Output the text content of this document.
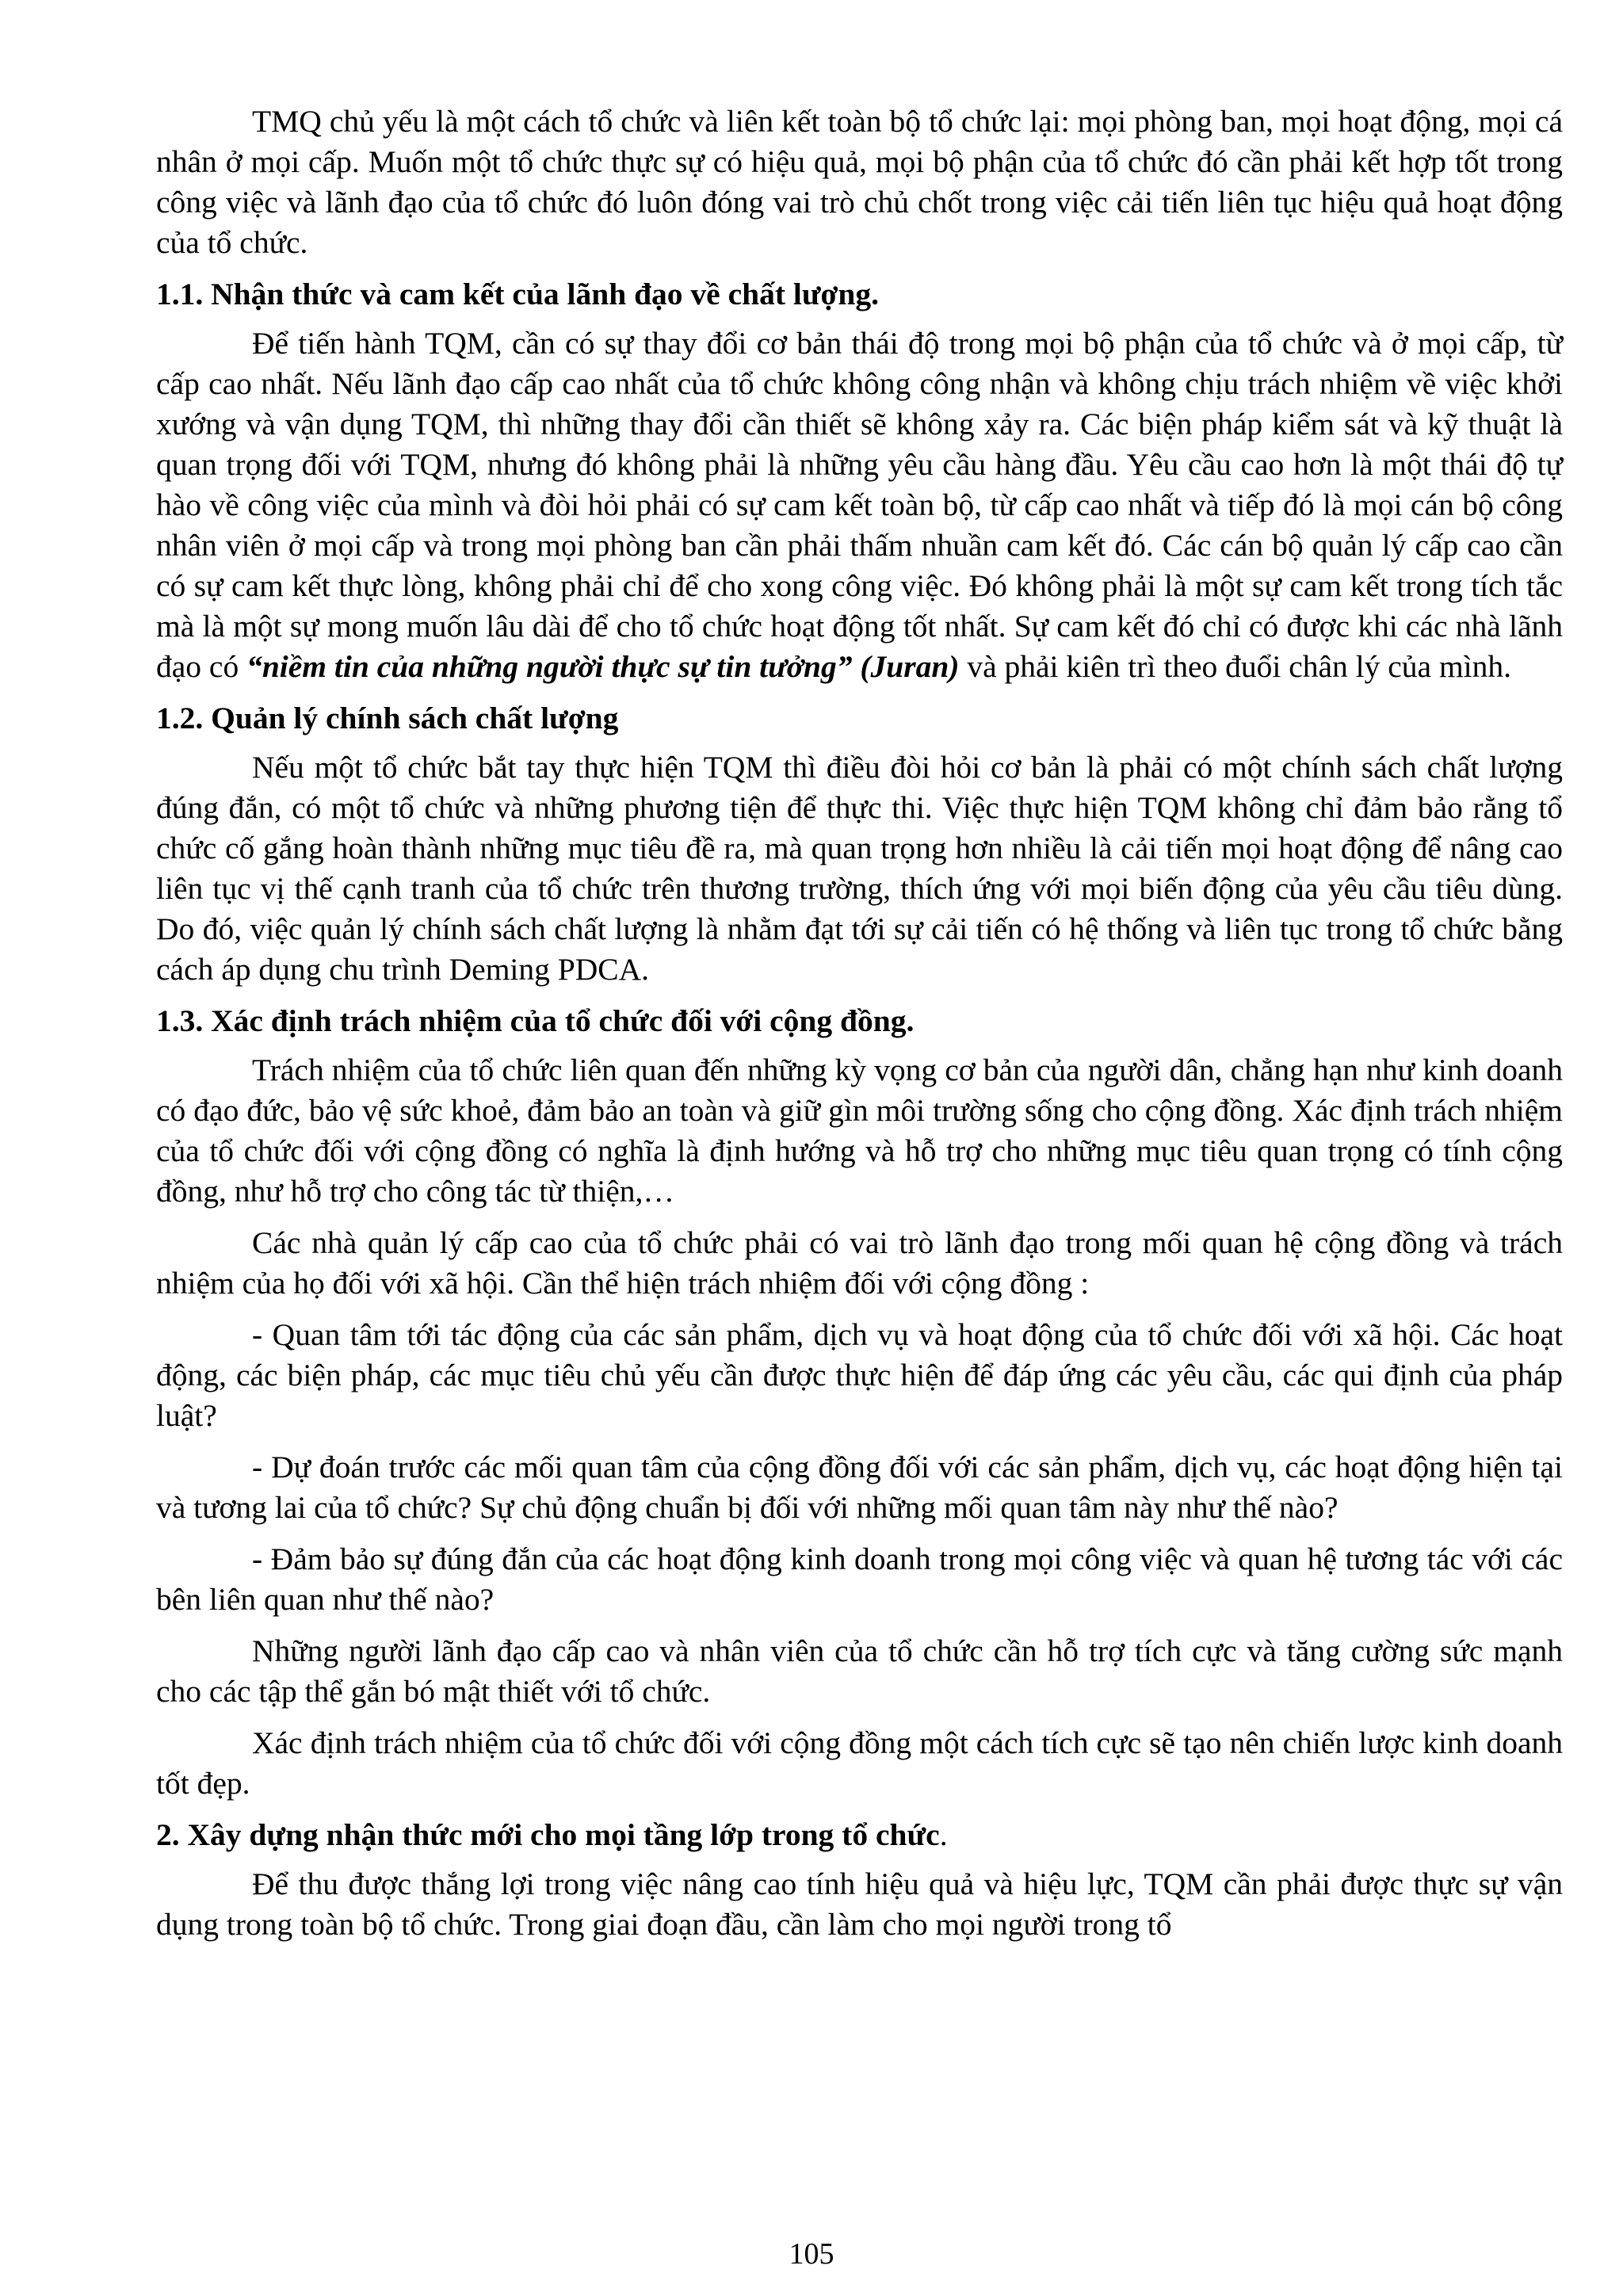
TMQ chủ yếu là một cách tổ chức và liên kết toàn bộ tổ chức lại: mọi phòng ban, mọi hoạt động, mọi cá nhân ở mọi cấp. Muốn một tổ chức thực sự có hiệu quả, mọi bộ phận của tổ chức đó cần phải kết hợp tốt trong công việc và lãnh đạo của tổ chức đó luôn đóng vai trò chủ chốt trong việc cải tiến liên tục hiệu quả hoạt động của tổ chức.

1.1. Nhận thức và cam kết của lãnh đạo về chất lượng.

Để tiến hành TQM, cần có sự thay đổi cơ bản thái độ trong mọi bộ phận của tổ chức và ở mọi cấp, từ cấp cao nhất. Nếu lãnh đạo cấp cao nhất của tổ chức không công nhận và không chịu trách nhiệm về việc khởi xướng và vận dụng TQM, thì những thay đổi cần thiết sẽ không xảy ra. Các biện pháp kiểm sát và kỹ thuật là quan trọng đối với TQM, nhưng đó không phải là những yêu cầu hàng đầu. Yêu cầu cao hơn là một thái độ tự hào về công việc của mình và đòi hỏi phải có sự cam kết toàn bộ, từ cấp cao nhất và tiếp đó là mọi cán bộ công nhân viên ở mọi cấp và trong mọi phòng ban cần phải thấm nhuần cam kết đó. Các cán bộ quản lý cấp cao cần có sự cam kết thực lòng, không phải chỉ để cho xong công việc. Đó không phải là một sự cam kết trong tích tắc mà là một sự mong muốn lâu dài để cho tổ chức hoạt động tốt nhất. Sự cam kết đó chỉ có được khi các nhà lãnh đạo có “niềm tin của những người thực sự tin tưởng” (Juran) và phải kiên trì theo đuổi chân lý của mình.

1.2. Quản lý chính sách chất lượng

Nếu một tổ chức bắt tay thực hiện TQM thì điều đòi hỏi cơ bản là phải có một chính sách chất lượng đúng đắn, có một tổ chức và những phương tiện để thực thi. Việc thực hiện TQM không chỉ đảm bảo rằng tổ chức cố gắng hoàn thành những mục tiêu đề ra, mà quan trọng hơn nhiều là cải tiến mọi hoạt động để nâng cao liên tục vị thế cạnh tranh của tổ chức trên thương trường, thích ứng với mọi biến động của yêu cầu tiêu dùng. Do đó, việc quản lý chính sách chất lượng là nhằm đạt tới sự cải tiến có hệ thống và liên tục trong tổ chức bằng cách áp dụng chu trình Deming PDCA.

1.3. Xác định trách nhiệm của tổ chức đối với cộng đồng.

Trách nhiệm của tổ chức liên quan đến những kỳ vọng cơ bản của người dân, chẳng hạn như kinh doanh có đạo đức, bảo vệ sức khoẻ, đảm bảo an toàn và giữ gìn môi trường sống cho cộng đồng. Xác định trách nhiệm của tổ chức đối với cộng đồng có nghĩa là định hướng và hỗ trợ cho những mục tiêu quan trọng có tính cộng đồng, như hỗ trợ cho công tác từ thiện,…

Các nhà quản lý cấp cao của tổ chức phải có vai trò lãnh đạo trong mối quan hệ cộng đồng và trách nhiệm của họ đối với xã hội. Cần thể hiện trách nhiệm đối với cộng đồng :

- Quan tâm tới tác động của các sản phẩm, dịch vụ và hoạt động của tổ chức đối với xã hội. Các hoạt động, các biện pháp, các mục tiêu chủ yếu cần được thực hiện để đáp ứng các yêu cầu, các qui định của pháp luật?

- Dự đoán trước các mối quan tâm của cộng đồng đối với các sản phẩm, dịch vụ, các hoạt động hiện tại và tương lai của tổ chức? Sự chủ động chuẩn bị đối với những mối quan tâm này như thế nào?

- Đảm bảo sự đúng đắn của các hoạt động kinh doanh trong mọi công việc và quan hệ tương tác với các bên liên quan như thế nào?

Những người lãnh đạo cấp cao và nhân viên của tổ chức cần hỗ trợ tích cực và tăng cường sức mạnh cho các tập thể gắn bó mật thiết với tổ chức.

Xác định trách nhiệm của tổ chức đối với cộng đồng một cách tích cực sẽ tạo nên chiến lược kinh doanh tốt đẹp.

2. Xây dựng nhận thức mới cho mọi tầng lớp trong tổ chức.

Để thu được thắng lợi trong việc nâng cao tính hiệu quả và hiệu lực, TQM cần phải được thực sự vận dụng trong toàn bộ tổ chức. Trong giai đoạn đầu, cần làm cho mọi người trong tổ

105
